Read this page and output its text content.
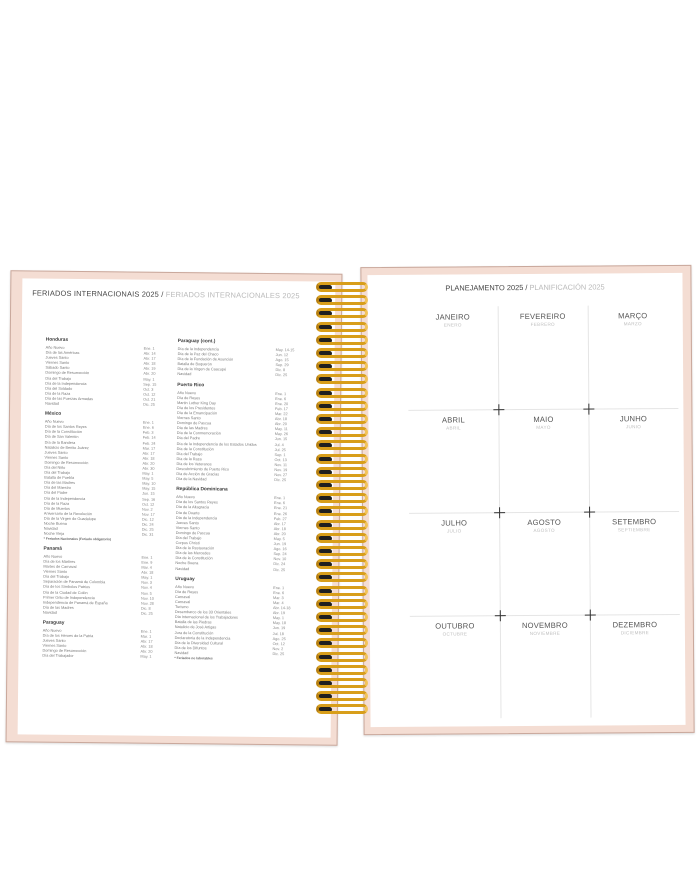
FERIADOS INTERNACIONAIS 2025 / FERIADOS INTERNACIONALES 2025
Honduras
Año Nuevo	Ene. 1
Día de las Américas	Abr. 14
Jueves Santo	Abr. 17
Viernes Santo	Abr. 18
Sábado Santo	Abr. 19
Domingo de Resurrección	Abr. 20
Día del Trabajo	May. 1
Día de la Independencia	Sep. 15
Día del Soldado	Oct. 3
Día de la Raza	Oct. 12
Día de las Fuerzas Armadas	Oct. 21
Navidad	Dic. 25
México
Año Nuevo	Ene. 1
Día de los Santos Reyes	Ene. 6
Día de la Constitución	Feb. 3
Día de San Valentín	Feb. 14
Día de la Bandera	Feb. 24
Natalicio de Benito Juárez	Mar. 17
Jueves Santo	Abr. 17
Viernes Santo	Abr. 18
Domingo de Resurrección	Abr. 20
Día del Niño	Abr. 30
Día del Trabajo	May. 1
Batalla de Puebla	May. 5
Día de las Madres	May. 10
Día del Maestro	May. 15
Día del Padre	Jun. 15
Día de la Independencia	Sep. 16
Día de la Raza	Oct. 12
Día de Muertos	Nov. 2
Aniversario de la Revolución	Nov. 17
Día de la Virgen de Guadalupe	Dic. 12
Noche Buena	Dic. 24
Navidad	Dic. 25
Noche Vieja	Dic. 31
* Feriados Nacionales (Feriado obligatorio)
Panamá
Año Nuevo	Ene. 1
Día de los Mártires	Ene. 9
Martes de Carnaval	Mar. 4
Viernes Santo	Abr. 18
Día del Trabajo	May. 1
Separación de Panamá de Colombia	Nov. 3
Día de los Símbolos Patrios	Nov. 4
Día de la Ciudad de Colón	Nov. 5
Primer Grito de Independencia	Nov. 10
Independencia de Panamá de España	Nov. 28
Día de las Madres	Dic. 8
Navidad	Dic. 25
Paraguay
Año Nuevo	Ene. 1
Día de los Héroes de la Patria	Mar. 1
Jueves Santo	Abr. 17
Viernes Santo	Abr. 18
Domingo de Resurrección	Abr. 20
Día del Trabajador	May. 1
Paraguay (cont.)
Día de la Independencia	May. 14-15
Día de la Paz del Chaco	Jun. 12
Día de la Fundación de Asunción	Ago. 15
Batalla de Boquerón	Sep. 29
Día de la Virgen de Caacupé	Dic. 8
Navidad	Dic. 25
Puerto Rico
Año Nuevo	Ene. 1
Día de Reyes	Ene. 6
Martin Luther King Day	Ene. 20
Día de los Presidentes	Feb. 17
Día de la Emancipación	Mar. 22
Viernes Santo	Abr. 18
Domingo de Pascua	Abr. 20
Día de las Madres	May. 11
Día de la Conmemoración	May. 26
Día del Padre	Jun. 15
Día de la Independencia de los Estados Unidos	Jul. 4
Día de la Constitución	Jul. 25
Día del Trabajo	Sep. 1
Día de la Raza	Oct. 13
Día de los Veteranos	Nov. 11
Descubrimiento de Puerto Rico	Nov. 19
Día de Acción de Gracias	Nov. 27
Día de la Navidad	Dic. 25
República Dominicana
Año Nuevo	Ene. 1
Día de los Santos Reyes	Ene. 6
Día de la Altagracia	Ene. 21
Día de Duarte	Ene. 26
Día de la Independencia	Feb. 27
Jueves Santo	Abr. 17
Viernes Santo	Abr. 18
Domingo de Pascua	Abr. 20
Día del Trabajo	May. 5
Corpus Christi	Jun. 19
Día de la Restauración	Ago. 16
Día de las Mercedes	Sep. 24
Día de la Constitución	Nov. 10
Noche Buena	Dic. 24
Navidad	Dic. 25
Uruguay
Año Nuevo	Ene. 1
Día de Reyes	Ene. 6
Carnaval	Mar. 3
Carnaval	Mar. 4
Turismo	Abr. 14-18
Desembarco de los 33 Orientales	Abr. 19
Día Internacional de los Trabajadores	May. 1
Batalla de las Piedras	May. 18
Natalicio de José Artigas	Jun. 19
Jura de la Constitución	Jul. 18
Declaratoria de la Independencia	Ago. 25
Día de la Diversidad Cultural	Oct. 12
Día de los Difuntos	Nov. 2
Navidad	Dic. 25
* Feriados no laborables
PLANEJAMENTO 2025 / PLANIFICACIÓN 2025
JANEIRO
ENERO
FEVEREIRO
FEBRERO
MARÇO
MARZO
ABRIL
ABRIL
MAIO
MAYO
JUNHO
JUNIO
JULHO
JULIO
AGOSTO
AGOSTO
SETEMBRO
SEPTIEMBRE
OUTUBRO
OCTUBRE
NOVEMBRO
NOVIEMBRE
DEZEMBRO
DICIEMBRE
